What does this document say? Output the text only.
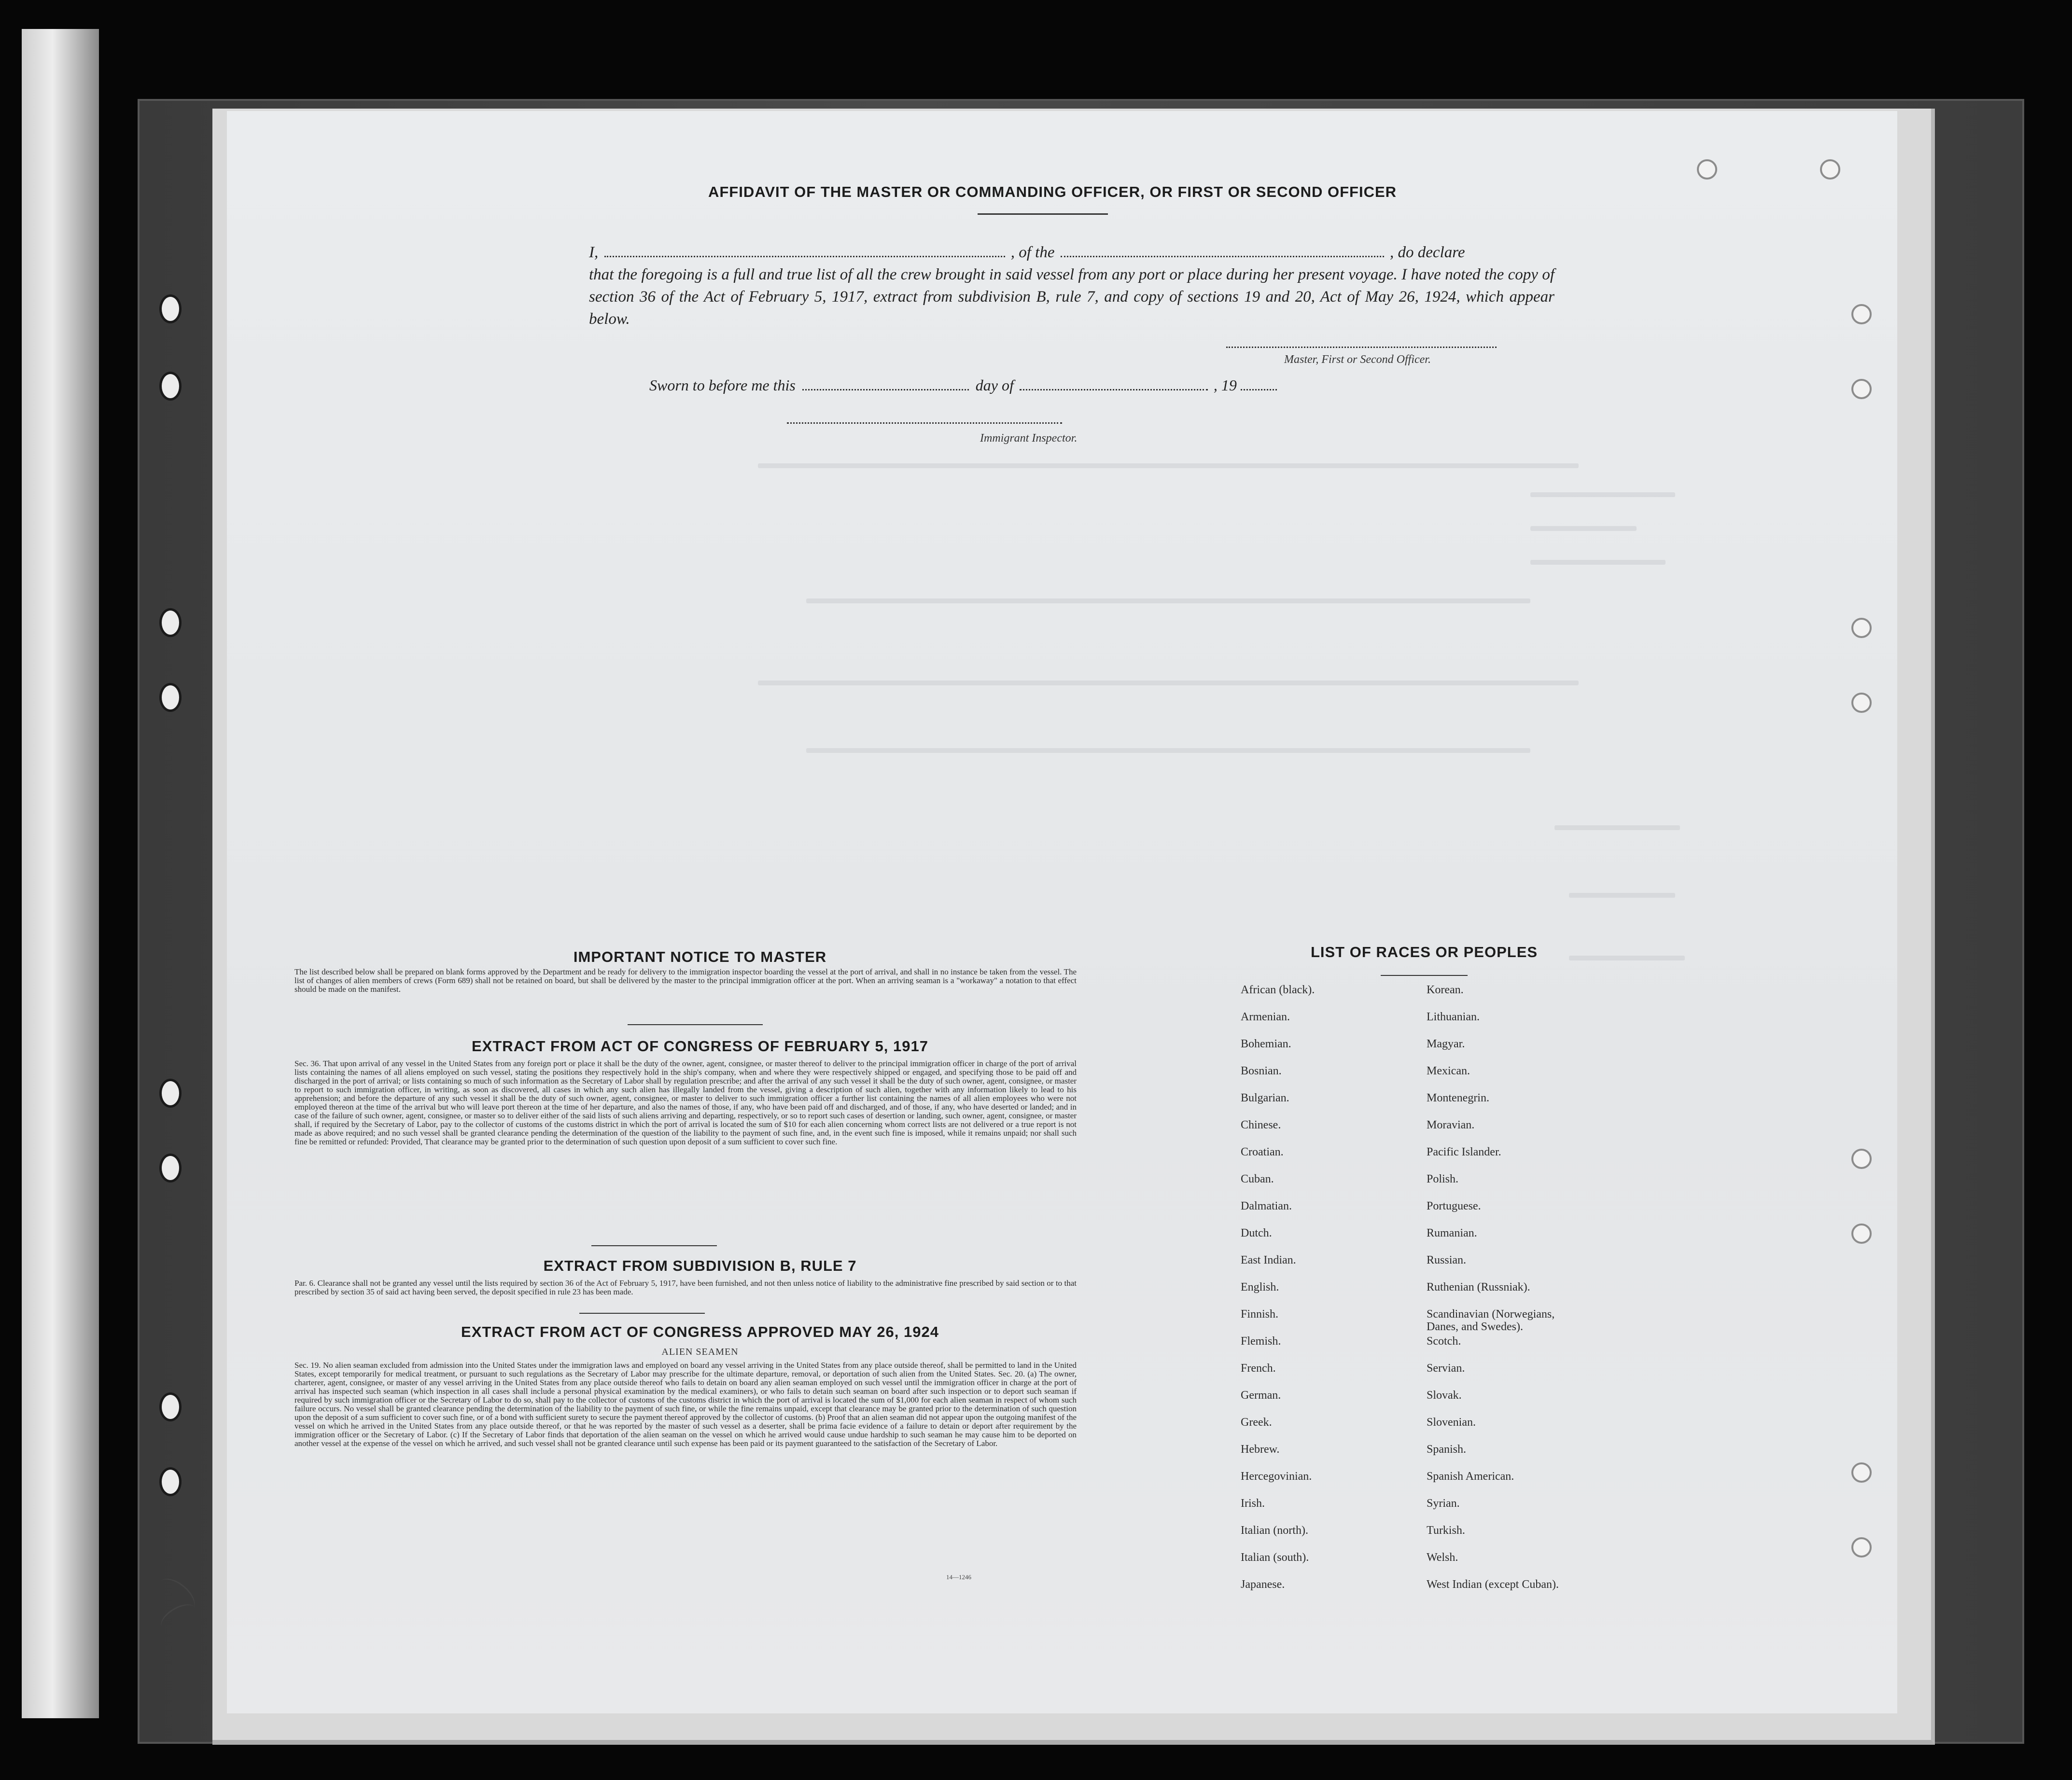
AFFIDAVIT OF THE MASTER OR COMMANDING OFFICER, OR FIRST OR SECOND OFFICER
I,	, of the	, do declare
that the foregoing is a full and true list of all the crew brought in said vessel from any port or place during her present voyage. I have noted the copy of section 36 of the Act of February 5, 1917, extract from subdivision B, rule 7, and copy of sections 19 and 20, Act of May 26, 1924, which appear below.
Master, First or Second Officer.
Sworn to before me this	day of	, 19
Immigrant Inspector.
IMPORTANT NOTICE TO MASTER
The list described below shall be prepared on blank forms approved by the Department and be ready for delivery to the immigration inspector boarding the vessel at the port of arrival, and shall in no instance be taken from the vessel. The list of changes of alien members of crews (Form 689) shall not be retained on board, but shall be delivered by the master to the principal immigration officer at the port. When an arriving seaman is a "workaway" a notation to that effect should be made on the manifest.
EXTRACT FROM ACT OF CONGRESS OF FEBRUARY 5, 1917
Sec. 36. That upon arrival of any vessel in the United States from any foreign port or place it shall be the duty of the owner, agent, consignee, or master thereof to deliver to the principal immigration officer in charge of the port of arrival lists containing the names of all aliens employed on such vessel, stating the positions they respectively hold in the ship's company, when and where they were respectively shipped or engaged, and specifying those to be paid off and discharged in the port of arrival; or lists containing so much of such information as the Secretary of Labor shall by regulation prescribe; and after the arrival of any such vessel it shall be the duty of such owner, agent, consignee, or master to report to such immigration officer, in writing, as soon as discovered, all cases in which any such alien has illegally landed from the vessel, giving a description of such alien, together with any information likely to lead to his apprehension; and before the departure of any such vessel it shall be the duty of such owner, agent, consignee, or master to deliver to such immigration officer a further list containing the names of all alien employees who were not employed thereon at the time of the arrival but who will leave port thereon at the time of her departure, and also the names of those, if any, who have been paid off and discharged, and of those, if any, who have deserted or landed; and in case of the failure of such owner, agent, consignee, or master so to deliver either of the said lists of such aliens arriving and departing, respectively, or so to report such cases of desertion or landing, such owner, agent, consignee, or master shall, if required by the Secretary of Labor, pay to the collector of customs of the customs district in which the port of arrival is located the sum of $10 for each alien concerning whom correct lists are not delivered or a true report is not made as above required; and no such vessel shall be granted clearance pending the determination of the question of the liability to the payment of such fine, and, in the event such fine is imposed, while it remains unpaid; nor shall such fine be remitted or refunded: Provided, That clearance may be granted prior to the determination of such question upon deposit of a sum sufficient to cover such fine.
EXTRACT FROM SUBDIVISION B, RULE 7
Par. 6. Clearance shall not be granted any vessel until the lists required by section 36 of the Act of February 5, 1917, have been furnished, and not then unless notice of liability to the administrative fine prescribed by said section or to that prescribed by section 35 of said act having been served, the deposit specified in rule 23 has been made.
EXTRACT FROM ACT OF CONGRESS APPROVED MAY 26, 1924
ALIEN SEAMEN
Sec. 19. No alien seaman excluded from admission into the United States under the immigration laws and employed on board any vessel arriving in the United States from any place outside thereof, shall be permitted to land in the United States, except temporarily for medical treatment, or pursuant to such regulations as the Secretary of Labor may prescribe for the ultimate departure, removal, or deportation of such alien from the United States. Sec. 20. (a) The owner, charterer, agent, consignee, or master of any vessel arriving in the United States from any place outside thereof who fails to detain on board any alien seaman employed on such vessel until the immigration officer in charge at the port of arrival has inspected such seaman (which inspection in all cases shall include a personal physical examination by the medical examiners), or who fails to detain such seaman on board after such inspection or to deport such seaman if required by such immigration officer or the Secretary of Labor to do so, shall pay to the collector of customs of the customs district in which the port of arrival is located the sum of $1,000 for each alien seaman in respect of whom such failure occurs. No vessel shall be granted clearance pending the determination of the liability to the payment of such fine, or while the fine remains unpaid, except that clearance may be granted prior to the determination of such question upon the deposit of a sum sufficient to cover such fine, or of a bond with sufficient surety to secure the payment thereof approved by the collector of customs. (b) Proof that an alien seaman did not appear upon the outgoing manifest of the vessel on which he arrived in the United States from any place outside thereof, or that he was reported by the master of such vessel as a deserter, shall be prima facie evidence of a failure to detain or deport after requirement by the immigration officer or the Secretary of Labor. (c) If the Secretary of Labor finds that deportation of the alien seaman on the vessel on which he arrived would cause undue hardship to such seaman he may cause him to be deported on another vessel at the expense of the vessel on which he arrived, and such vessel shall not be granted clearance until such expense has been paid or its payment guaranteed to the satisfaction of the Secretary of Labor.
14—1246
LIST OF RACES OR PEOPLES
African (black).	Korean.
Armenian.	Lithuanian.
Bohemian.	Magyar.
Bosnian.	Mexican.
Bulgarian.	Montenegrin.
Chinese.	Moravian.
Croatian.	Pacific Islander.
Cuban.	Polish.
Dalmatian.	Portuguese.
Dutch.	Rumanian.
East Indian.	Russian.
English.	Ruthenian (Russniak).
Finnish.	Scandinavian (Norwegians,
Danes, and Swedes).
Flemish.	Scotch.
French.	Servian.
German.	Slovak.
Greek.	Slovenian.
Hebrew.	Spanish.
Hercegovinian.	Spanish American.
Irish.	Syrian.
Italian (north).	Turkish.
Italian (south).	Welsh.
Japanese.	West Indian (except Cuban).
